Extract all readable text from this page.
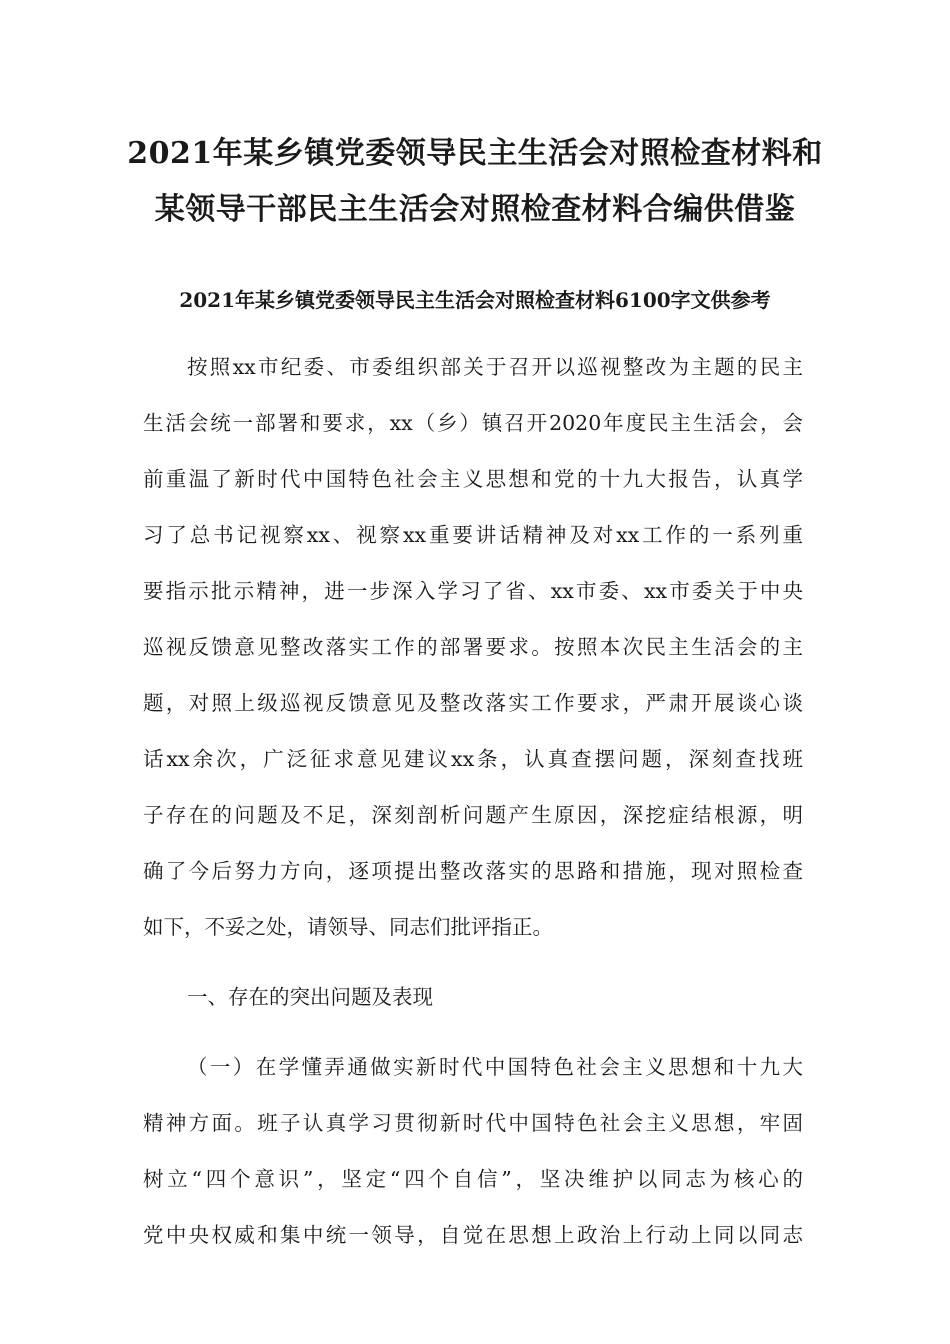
2021年某乡镇党委领导民主生活会对照检查材料和
某领导干部民主生活会对照检查材料合编供借鉴
2021年某乡镇党委领导民主生活会对照检查材料6100字文供参考

按照xx市纪委、市委组织部关于召开以巡视整改为主题的民主

生活会统一部署和要求，xx（乡）镇召开2020年度民主生活会，会

前重温了新时代中国特色社会主义思想和党的十九大报告，认真学

习了总书记视察xx、视察xx重要讲话精神及对xx工作的一系列重

要指示批示精神，进一步深入学习了省、xx市委、xx市委关于中央

巡视反馈意见整改落实工作的部署要求。按照本次民主生活会的主

题，对照上级巡视反馈意见及整改落实工作要求，严肃开展谈心谈

话xx余次，广泛征求意见建议xx条，认真查摆问题，深刻查找班

子存在的问题及不足，深刻剖析问题产生原因，深挖症结根源，明

确了今后努力方向，逐项提出整改落实的思路和措施，现对照检查

如下，不妥之处，请领导、同志们批评指正。

一、存在的突出问题及表现

（一）在学懂弄通做实新时代中国特色社会主义思想和十九大

精神方面。班子认真学习贯彻新时代中国特色社会主义思想，牢固

树立“四个意识”，坚定“四个自信”，坚决维护以同志为核心的

党中央权威和集中统一领导，自觉在思想上政治上行动上同以同志
